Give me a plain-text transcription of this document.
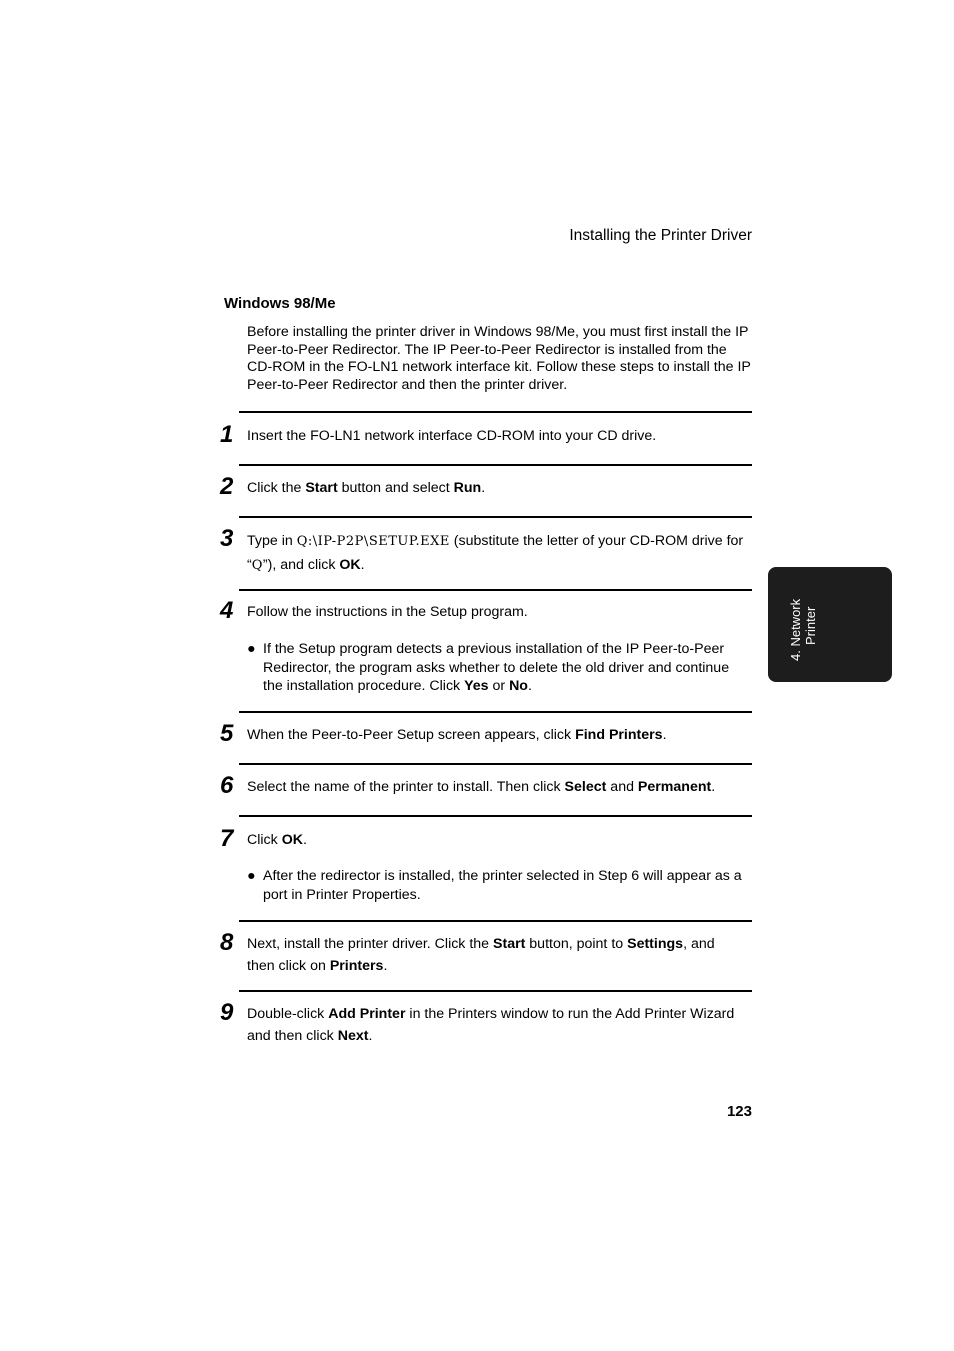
Installing the Printer Driver
Windows 98/Me
Before installing the printer driver in Windows 98/Me, you must first install the IP Peer-to-Peer Redirector. The IP Peer-to-Peer Redirector is installed from the CD-ROM in the FO-LN1 network interface kit. Follow these steps to install the IP Peer-to-Peer Redirector and then the printer driver.
1 Insert the FO-LN1 network interface CD-ROM into your CD drive.
2 Click the Start button and select Run.
3 Type in Q:\IP-P2P\SETUP.EXE (substitute the letter of your CD-ROM drive for “Q”), and click OK.
4 Follow the instructions in the Setup program.
● If the Setup program detects a previous installation of the IP Peer-to-Peer Redirector, the program asks whether to delete the old driver and continue the installation procedure. Click Yes or No.
5 When the Peer-to-Peer Setup screen appears, click Find Printers.
6 Select the name of the printer to install. Then click Select and Permanent.
7 Click OK.
● After the redirector is installed, the printer selected in Step 6 will appear as a port in Printer Properties.
8 Next, install the printer driver. Click the Start button, point to Settings, and then click on Printers.
9 Double-click Add Printer in the Printers window to run the Add Printer Wizard and then click Next.
4. Network Printer
123
